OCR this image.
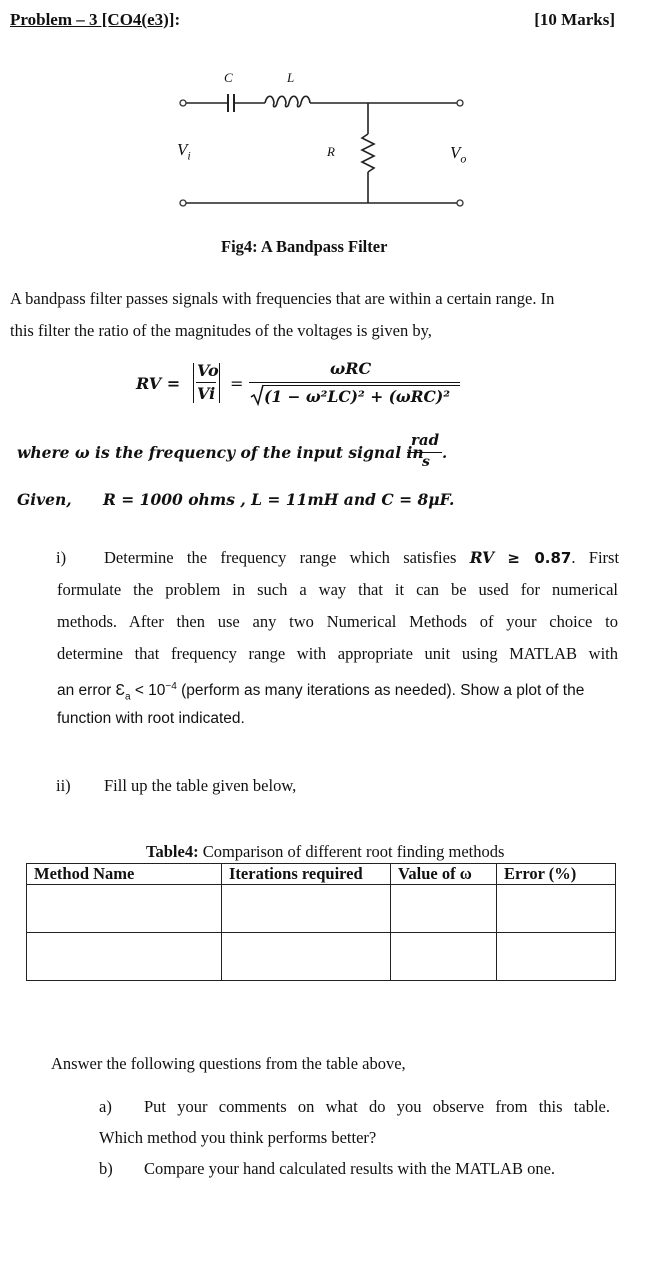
Problem – 3 [CO4(e3)]:	[10 Marks]
C	L
R
$V_i$	$V_o$
Fig4: A Bandpass Filter
A bandpass filter passes signals with frequencies that are within a certain range. In
this filter the ratio of the magnitudes of the voltages is given by,
RV =
Vo
Vi
=
ωRC
(1 − ω²LC)² + (ωRC)²
where ω is the frequency of the input signal in
rad
s .
Given, R = 1000 ohms , L = 11mH and C = 8μF.
i) Determine the frequency range which satisfies RV ≥ 0.87. First
formulate the problem in such a way that it can be used for numerical
methods. After then use any two Numerical Methods of your choice to
determine that frequency range with appropriate unit using MATLAB with
an error $Ɛ_a < 10^{-4}$ (perform as many iterations as needed). Show a plot of the
function with root indicated.
ii) Fill up the table given below,
Table4: Comparison of different root finding methods
Method Name	Iterations required	Value of ω	Error (%)

Answer the following questions from the table above,
a) Put your comments on what do you observe from this table.
Which method you think performs better?
b) Compare your hand calculated results with the MATLAB one.
